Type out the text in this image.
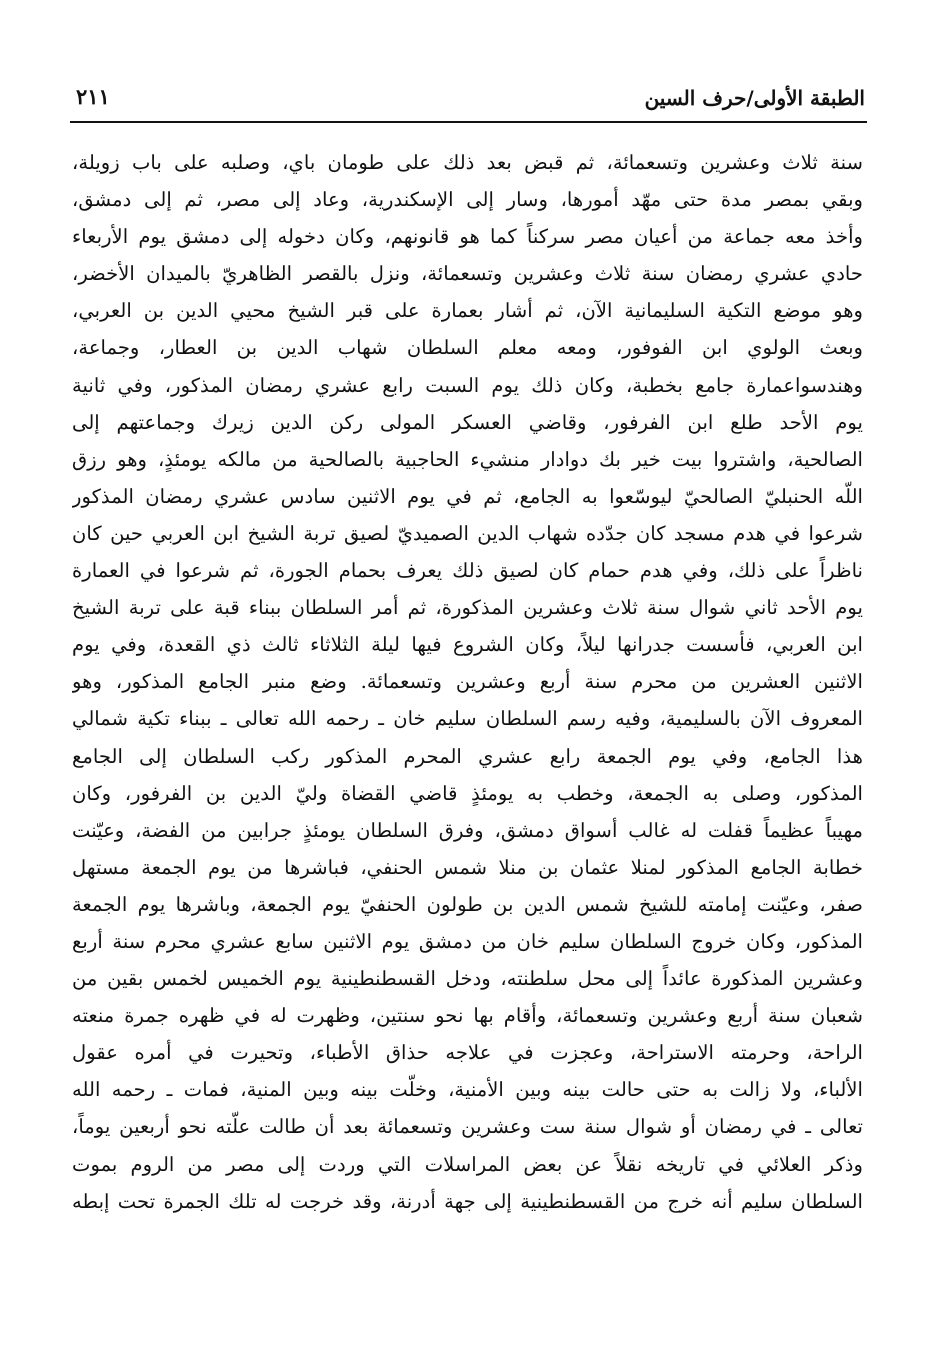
الطبقة الأولى/حرف السين
٢١١
سنة ثلاث وعشرين وتسعمائة، ثم قبض بعد ذلك على طومان باي، وصلبه على باب زويلة،
وبقي بمصر مدة حتى مهّد أمورها، وسار إلى الإسكندرية، وعاد إلى مصر، ثم إلى دمشق،
وأخذ معه جماعة من أعيان مصر سركناً كما هو قانونهم، وكان دخوله إلى دمشق يوم الأربعاء
حادي عشري رمضان سنة ثلاث وعشرين وتسعمائة، ونزل بالقصر الظاهريّ بالميدان الأخضر،
وهو موضع التكية السليمانية الآن، ثم أشار بعمارة على قبر الشيخ محيي الدين بن العربي،
وبعث الولوي ابن الفوفور، ومعه معلم السلطان شهاب الدين بن العطار، وجماعة،
وهندسواعمارة جامع بخطبة، وكان ذلك يوم السبت رابع عشري رمضان المذكور، وفي ثانية
يوم الأحد طلع ابن الفرفور، وقاضي العسكر المولى ركن الدين زيرك وجماعتهم إلى
الصالحية، واشتروا بيت خير بك دوادار منشيء الحاجبية بالصالحية من مالكه يومئذٍ، وهو رزق
اللّه الحنبليّ الصالحيّ ليوسّعوا به الجامع، ثم في يوم الاثنين سادس عشري رمضان المذكور
شرعوا في هدم مسجد كان جدّده شهاب الدين الصميديّ لصيق تربة الشيخ ابن العربي حين كان
ناظراً على ذلك، وفي هدم حمام كان لصيق ذلك يعرف بحمام الجورة، ثم شرعوا في العمارة
يوم الأحد ثاني شوال سنة ثلاث وعشرين المذكورة، ثم أمر السلطان ببناء قبة على تربة الشيخ
ابن العربي، فأسست جدرانها ليلاً، وكان الشروع فيها ليلة الثلاثاء ثالث ذي القعدة، وفي يوم
الاثنين العشرين من محرم سنة أربع وعشرين وتسعمائة. وضع منبر الجامع المذكور، وهو
المعروف الآن بالسليمية، وفيه رسم السلطان سليم خان ـ رحمه الله تعالى ـ ببناء تكية شمالي
هذا الجامع، وفي يوم الجمعة رابع عشري المحرم المذكور ركب السلطان إلى الجامع
المذكور، وصلى به الجمعة، وخطب به يومئذٍ قاضي القضاة وليّ الدين بن الفرفور، وكان
مهيباً عظيماً قفلت له غالب أسواق دمشق، وفرق السلطان يومئذٍ جرابين من الفضة، وعيّنت
خطابة الجامع المذكور لمنلا عثمان بن منلا شمس الحنفي، فباشرها من يوم الجمعة مستهل
صفر، وعيّنت إمامته للشيخ شمس الدين بن طولون الحنفيّ يوم الجمعة، وباشرها يوم الجمعة
المذكور، وكان خروج السلطان سليم خان من دمشق يوم الاثنين سابع عشري محرم سنة أربع
وعشرين المذكورة عائداً إلى محل سلطنته، ودخل القسطنطينية يوم الخميس لخمس بقين من
شعبان سنة أربع وعشرين وتسعمائة، وأقام بها نحو سنتين، وظهرت له في ظهره جمرة منعته
الراحة، وحرمته الاستراحة، وعجزت في علاجه حذاق الأطباء، وتحيرت في أمره عقول
الألباء، ولا زالت به حتى حالت بينه وبين الأمنية، وخلّت بينه وبين المنية، فمات ـ رحمه الله
تعالى ـ في رمضان أو شوال سنة ست وعشرين وتسعمائة بعد أن طالت علّته نحو أربعين يوماً،
وذكر العلائي في تاريخه نقلاً عن بعض المراسلات التي وردت إلى مصر من الروم بموت
السلطان سليم أنه خرج من القسطنطينية إلى جهة أدرنة، وقد خرجت له تلك الجمرة تحت إبطه
